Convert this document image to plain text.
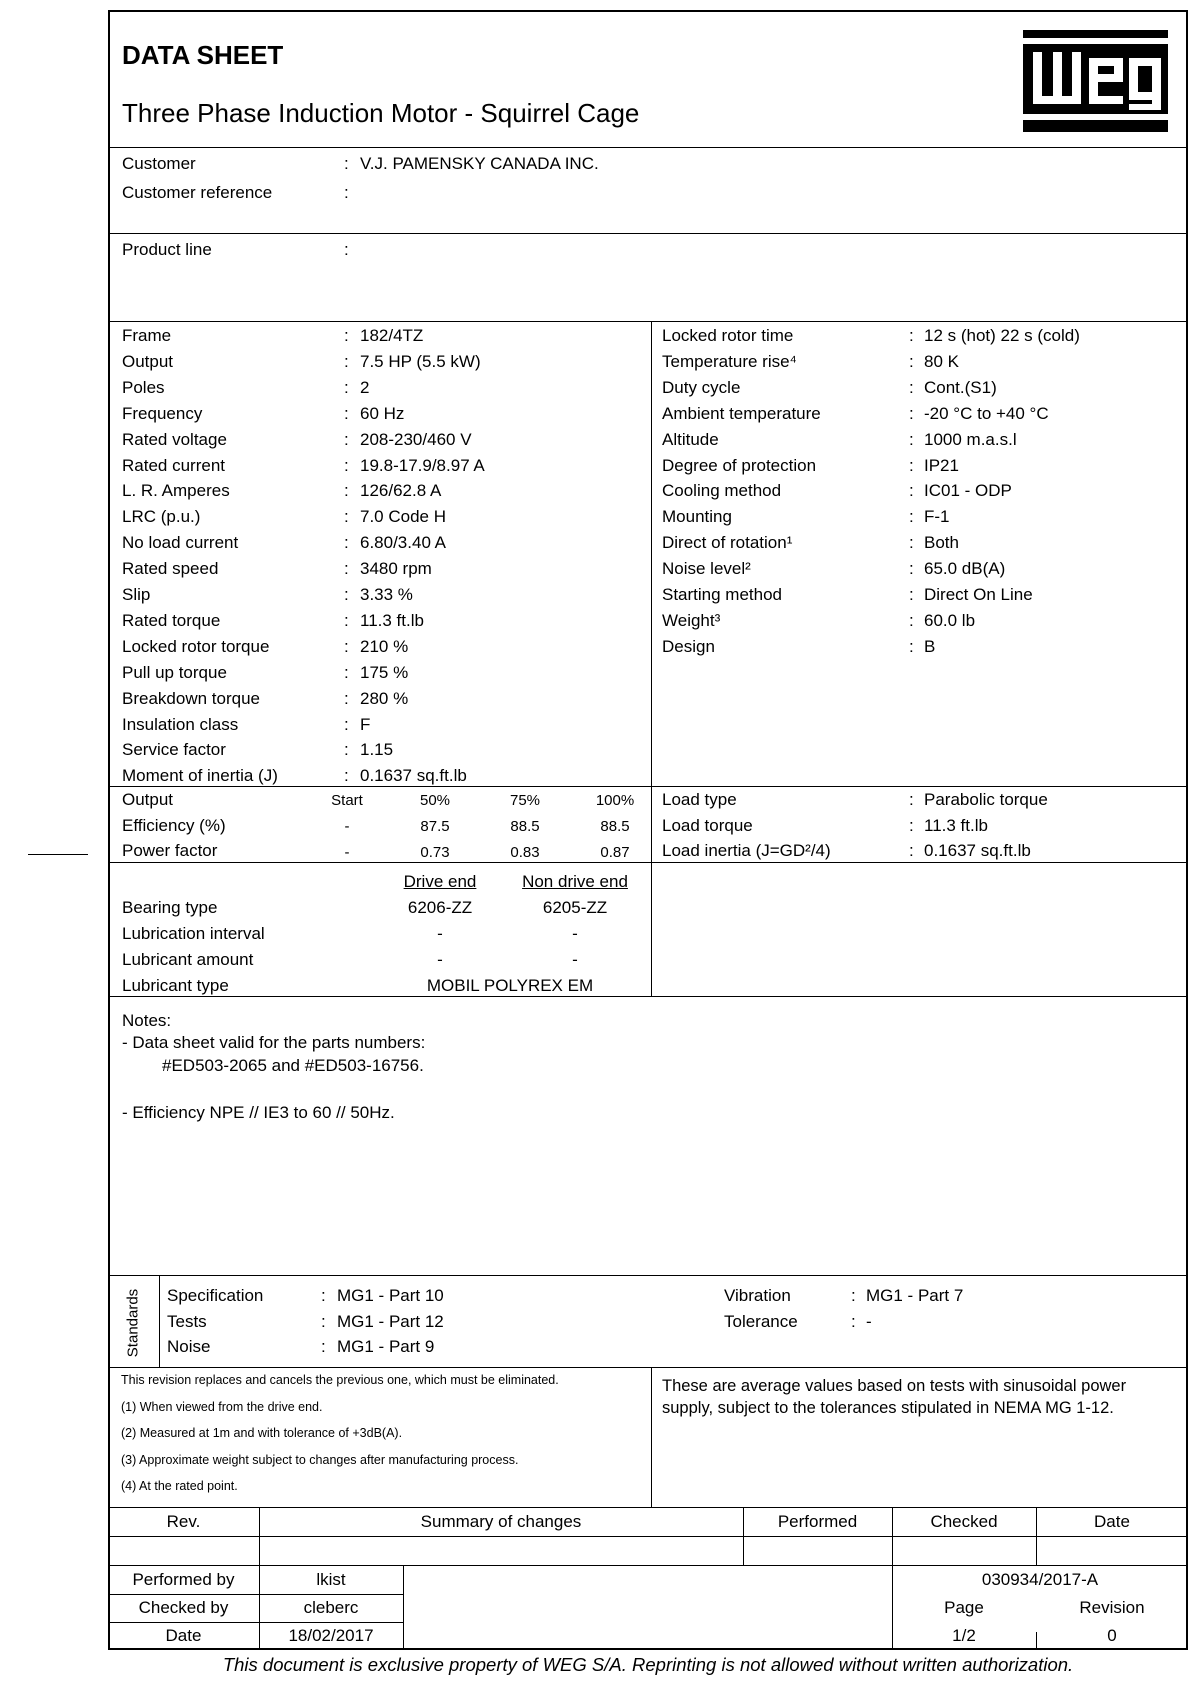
DATA SHEET
Three Phase Induction Motor - Squirrel Cage
Customer	: V.J. PAMENSKY CANADA INC.
Customer reference	:
Product line	:
Frame	: 182/4TZ
Output	: 7.5 HP (5.5 kW)
Poles	: 2
Frequency	: 60 Hz
Rated voltage	: 208-230/460 V
Rated current	: 19.8-17.9/8.97 A
L. R. Amperes	: 126/62.8 A
LRC (p.u.)	: 7.0 Code H
No load current	: 6.80/3.40 A
Rated speed	: 3480 rpm
Slip	: 3.33 %
Rated torque	: 11.3 ft.lb
Locked rotor torque	: 210 %
Pull up torque	: 175 %
Breakdown torque	: 280 %
Insulation class	: F
Service factor	: 1.15
Moment of inertia (J)	: 0.1637 sq.ft.lb
Locked rotor time	: 12 s (hot) 22 s (cold)
Temperature rise⁴	: 80 K
Duty cycle	: Cont.(S1)
Ambient temperature	: -20 °C to +40 °C
Altitude	: 1000 m.a.s.l
Degree of protection	: IP21
Cooling method	: IC01 - ODP
Mounting	: F-1
Direct of rotation¹	: Both
Noise level²	: 65.0 dB(A)
Starting method	: Direct On Line
Weight³	: 60.0 lb
Design	: B
Output	Start	50%	75%	100%
Efficiency (%)	-	87.5	88.5	88.5
Power factor	-	0.73	0.83	0.87
Load type	: Parabolic torque
Load torque	: 11.3 ft.lb
Load inertia (J=GD²/4)	: 0.1637 sq.ft.lb
Drive end	Non drive end
Bearing type	6206-ZZ	6205-ZZ
Lubrication interval	-	-
Lubricant amount	-	-
Lubricant type	MOBIL POLYREX EM
Notes:
- Data sheet valid for the parts numbers:
#ED503-2065 and #ED503-16756.
- Efficiency NPE // IE3 to 60 // 50Hz.
Standards Specification	: MG1 - Part 10
Tests	: MG1 - Part 12
Noise	: MG1 - Part 9
Vibration	: MG1 - Part 7
Tolerance	: -
This revision replaces and cancels the previous one, which must be eliminated.
(1) When viewed from the drive end.
(2) Measured at 1m and with tolerance of +3dB(A).
(3) Approximate weight subject to changes after manufacturing process.
(4) At the rated point.
These are average values based on tests with sinusoidal power supply, subject to the tolerances stipulated in NEMA MG 1-12.
Rev.	Summary of changes	Performed	Checked	Date
Performed by	lkist
Checked by	cleberc
Date	18/02/2017
030934/2017-A
Page	Revision
1/2	0
This document is exclusive property of WEG S/A. Reprinting is not allowed without written authorization.
